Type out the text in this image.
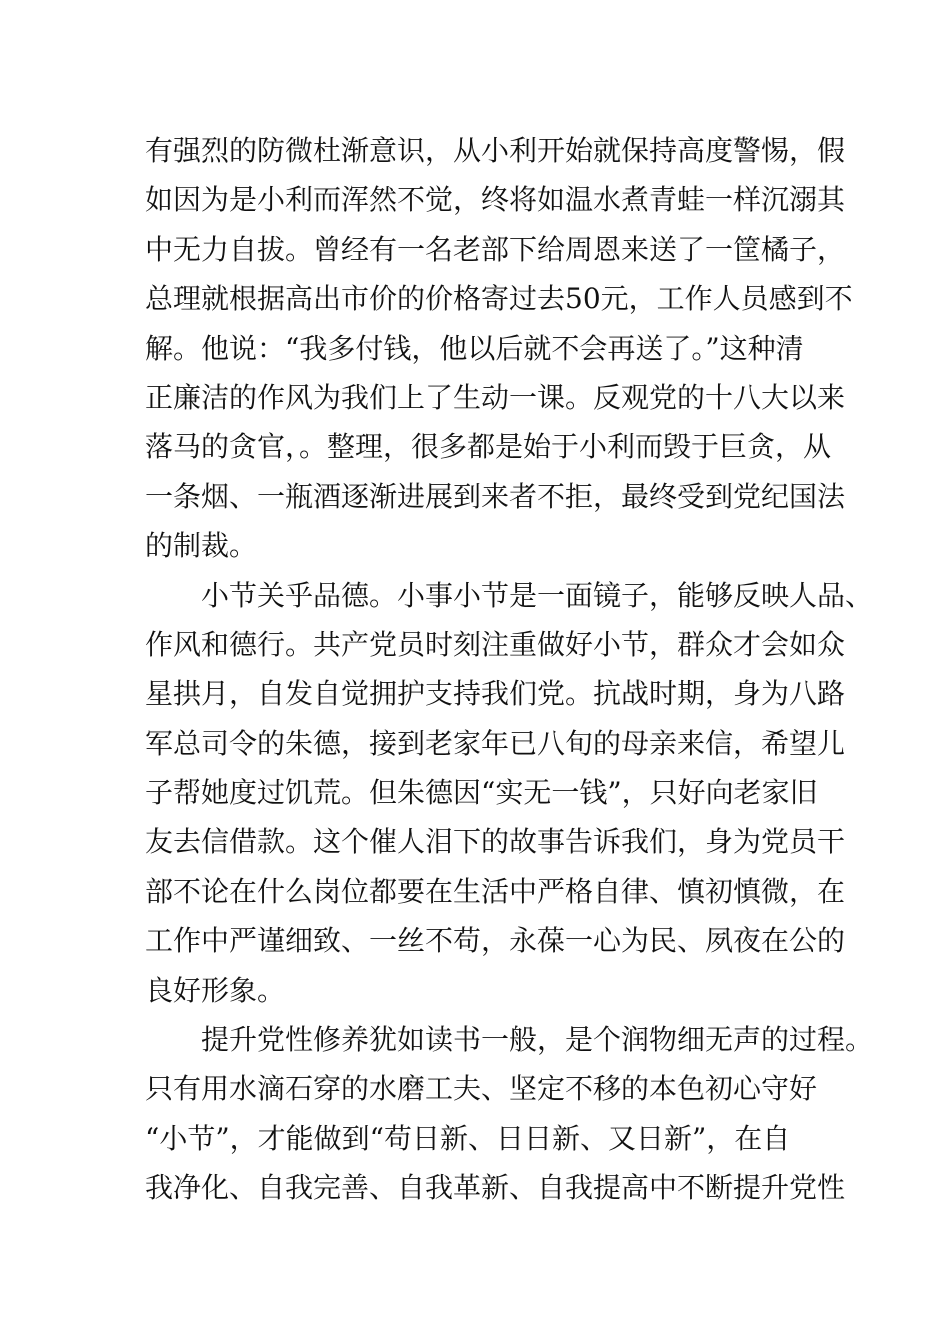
有强烈的防微杜渐意识，从小利开始就保持高度警惕，假
如因为是小利而浑然不觉，终将如温水煮青蛙一样沉溺其
中无力自拔。曾经有一名老部下给周恩来送了一筐橘子，
总理就根据高出市价的价格寄过去50元，工作人员感到不
解。他说：“我多付钱，他以后就不会再送了。”这种清
正廉洁的作风为我们上了生动一课。反观党的十八大以来
落马的贪官，。整理，很多都是始于小利而毁于巨贪，从
一条烟、一瓶酒逐渐进展到来者不拒，最终受到党纪国法
的制裁。
小节关乎品德。小事小节是一面镜子，能够反映人品、
作风和德行。共产党员时刻注重做好小节，群众才会如众
星拱月，自发自觉拥护支持我们党。抗战时期，身为八路
军总司令的朱德，接到老家年已八旬的母亲来信，希望儿
子帮她度过饥荒。但朱德因“实无一钱”，只好向老家旧
友去信借款。这个催人泪下的故事告诉我们，身为党员干
部不论在什么岗位都要在生活中严格自律、慎初慎微，在
工作中严谨细致、一丝不苟，永葆一心为民、夙夜在公的
良好形象。
提升党性修养犹如读书一般，是个润物细无声的过程。
只有用水滴石穿的水磨工夫、坚定不移的本色初心守好
“小节”，才能做到“苟日新、日日新、又日新”，在自
我净化、自我完善、自我革新、自我提高中不断提升党性
